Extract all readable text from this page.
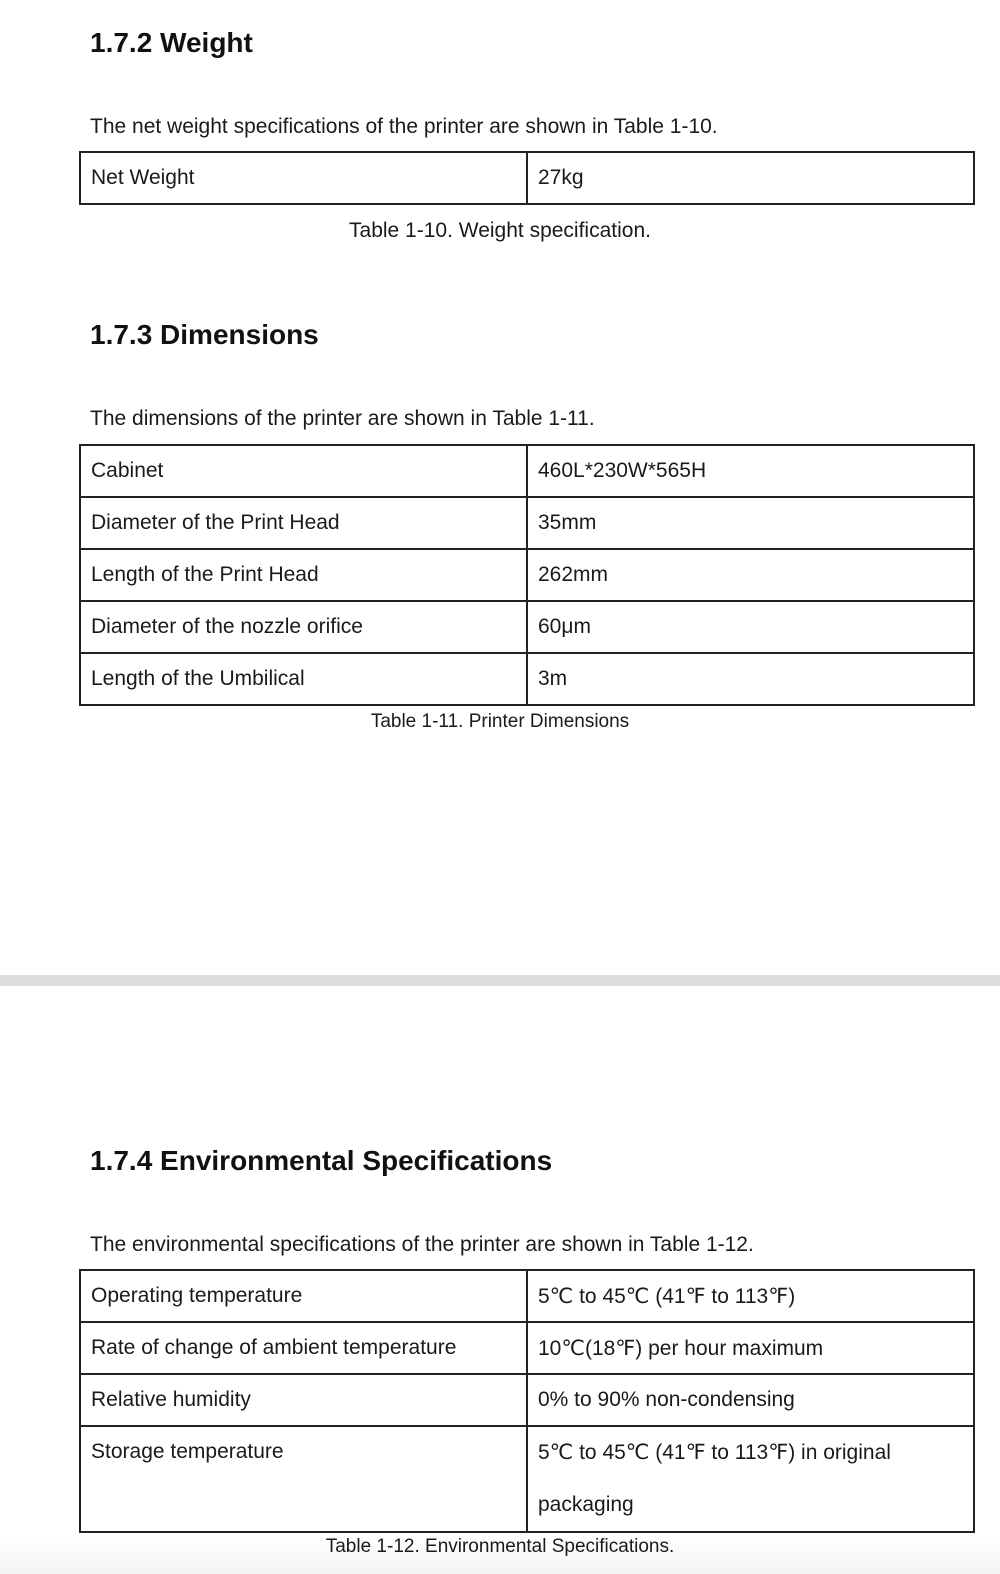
1.7.2 Weight

The net weight specifications of the printer are shown in Table 1-10.

Net Weight	27kg

Table 1-10. Weight specification.

1.7.3 Dimensions

The dimensions of the printer are shown in Table 1-11.

Cabinet	460L*230W*565H
Diameter of the Print Head	35mm
Length of the Print Head	262mm
Diameter of the nozzle orifice	60μm
Length of the Umbilical	3m

Table 1-11. Printer Dimensions

1.7.4 Environmental Specifications

The environmental specifications of the printer are shown in Table 1-12.

Operating temperature	5℃ to 45℃ (41℉ to 113℉)
Rate of change of ambient temperature	10℃(18℉) per hour maximum
Relative humidity	0% to 90% non-condensing
Storage temperature	5℃ to 45℃ (41℉ to 113℉) in original packaging

Table 1-12. Environmental Specifications.
